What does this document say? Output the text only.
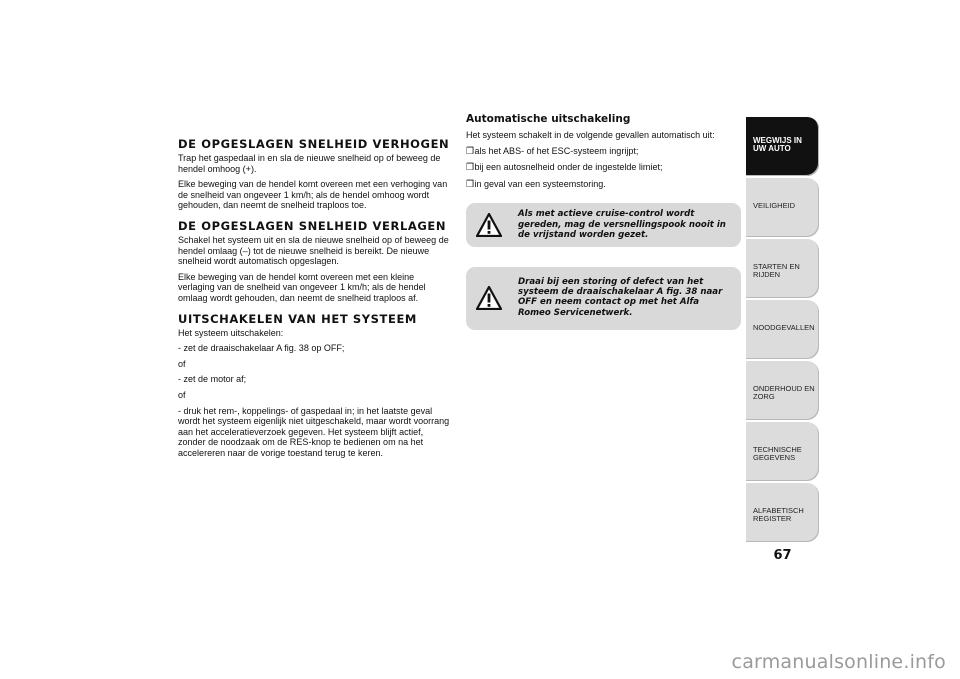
DE OPGESLAGEN SNELHEID VERHOGEN

Trap het gaspedaal in en sla de nieuwe snelheid op of beweeg de hendel omhoog (+).

Elke beweging van de hendel komt overeen met een verhoging van de snelheid van ongeveer 1 km/h; als de hendel omhoog wordt gehouden, dan neemt de snelheid traploos toe.

DE OPGESLAGEN SNELHEID VERLAGEN

Schakel het systeem uit en sla de nieuwe snelheid op of beweeg de hendel omlaag (–) tot de nieuwe snelheid is bereikt. De nieuwe snelheid wordt automatisch opgeslagen.

Elke beweging van de hendel komt overeen met een kleine verlaging van de snelheid van ongeveer 1 km/h; als de hendel omlaag wordt gehouden, dan neemt de snelheid traploos af.

UITSCHAKELEN VAN HET SYSTEEM

Het systeem uitschakelen:

- zet de draaischakelaar A fig. 38 op OFF;

of

- zet de motor af;

of

- druk het rem-, koppelings- of gaspedaal in; in het laatste geval wordt het systeem eigenlijk niet uitgeschakeld, maar wordt voorrang aan het acceleratieverzoek gegeven. Het systeem blijft actief, zonder de noodzaak om de RES-knop te bedienen om na het accelereren naar de vorige toestand terug te keren.

Automatische uitschakeling

Het systeem schakelt in de volgende gevallen automatisch uit:

❒als het ABS- of het ESC-systeem ingrijpt;
❒bij een autosnelheid onder de ingestelde limiet;
❒in geval van een systeemstoring.
Als met actieve cruise-control wordt gereden, mag de versnellingspook nooit in de vrijstand worden gezet.
Draai bij een storing of defect van het systeem de draaischakelaar A fig. 38 naar OFF en neem contact op met het Alfa Romeo Servicenetwerk.
WEGWIJS IN UW AUTO
VEILIGHEID
STARTEN EN RIJDEN
NOODGEVALLEN
ONDERHOUD EN ZORG
TECHNISCHE GEGEVENS
ALFABETISCH REGISTER
67
carmanualsonline.info
